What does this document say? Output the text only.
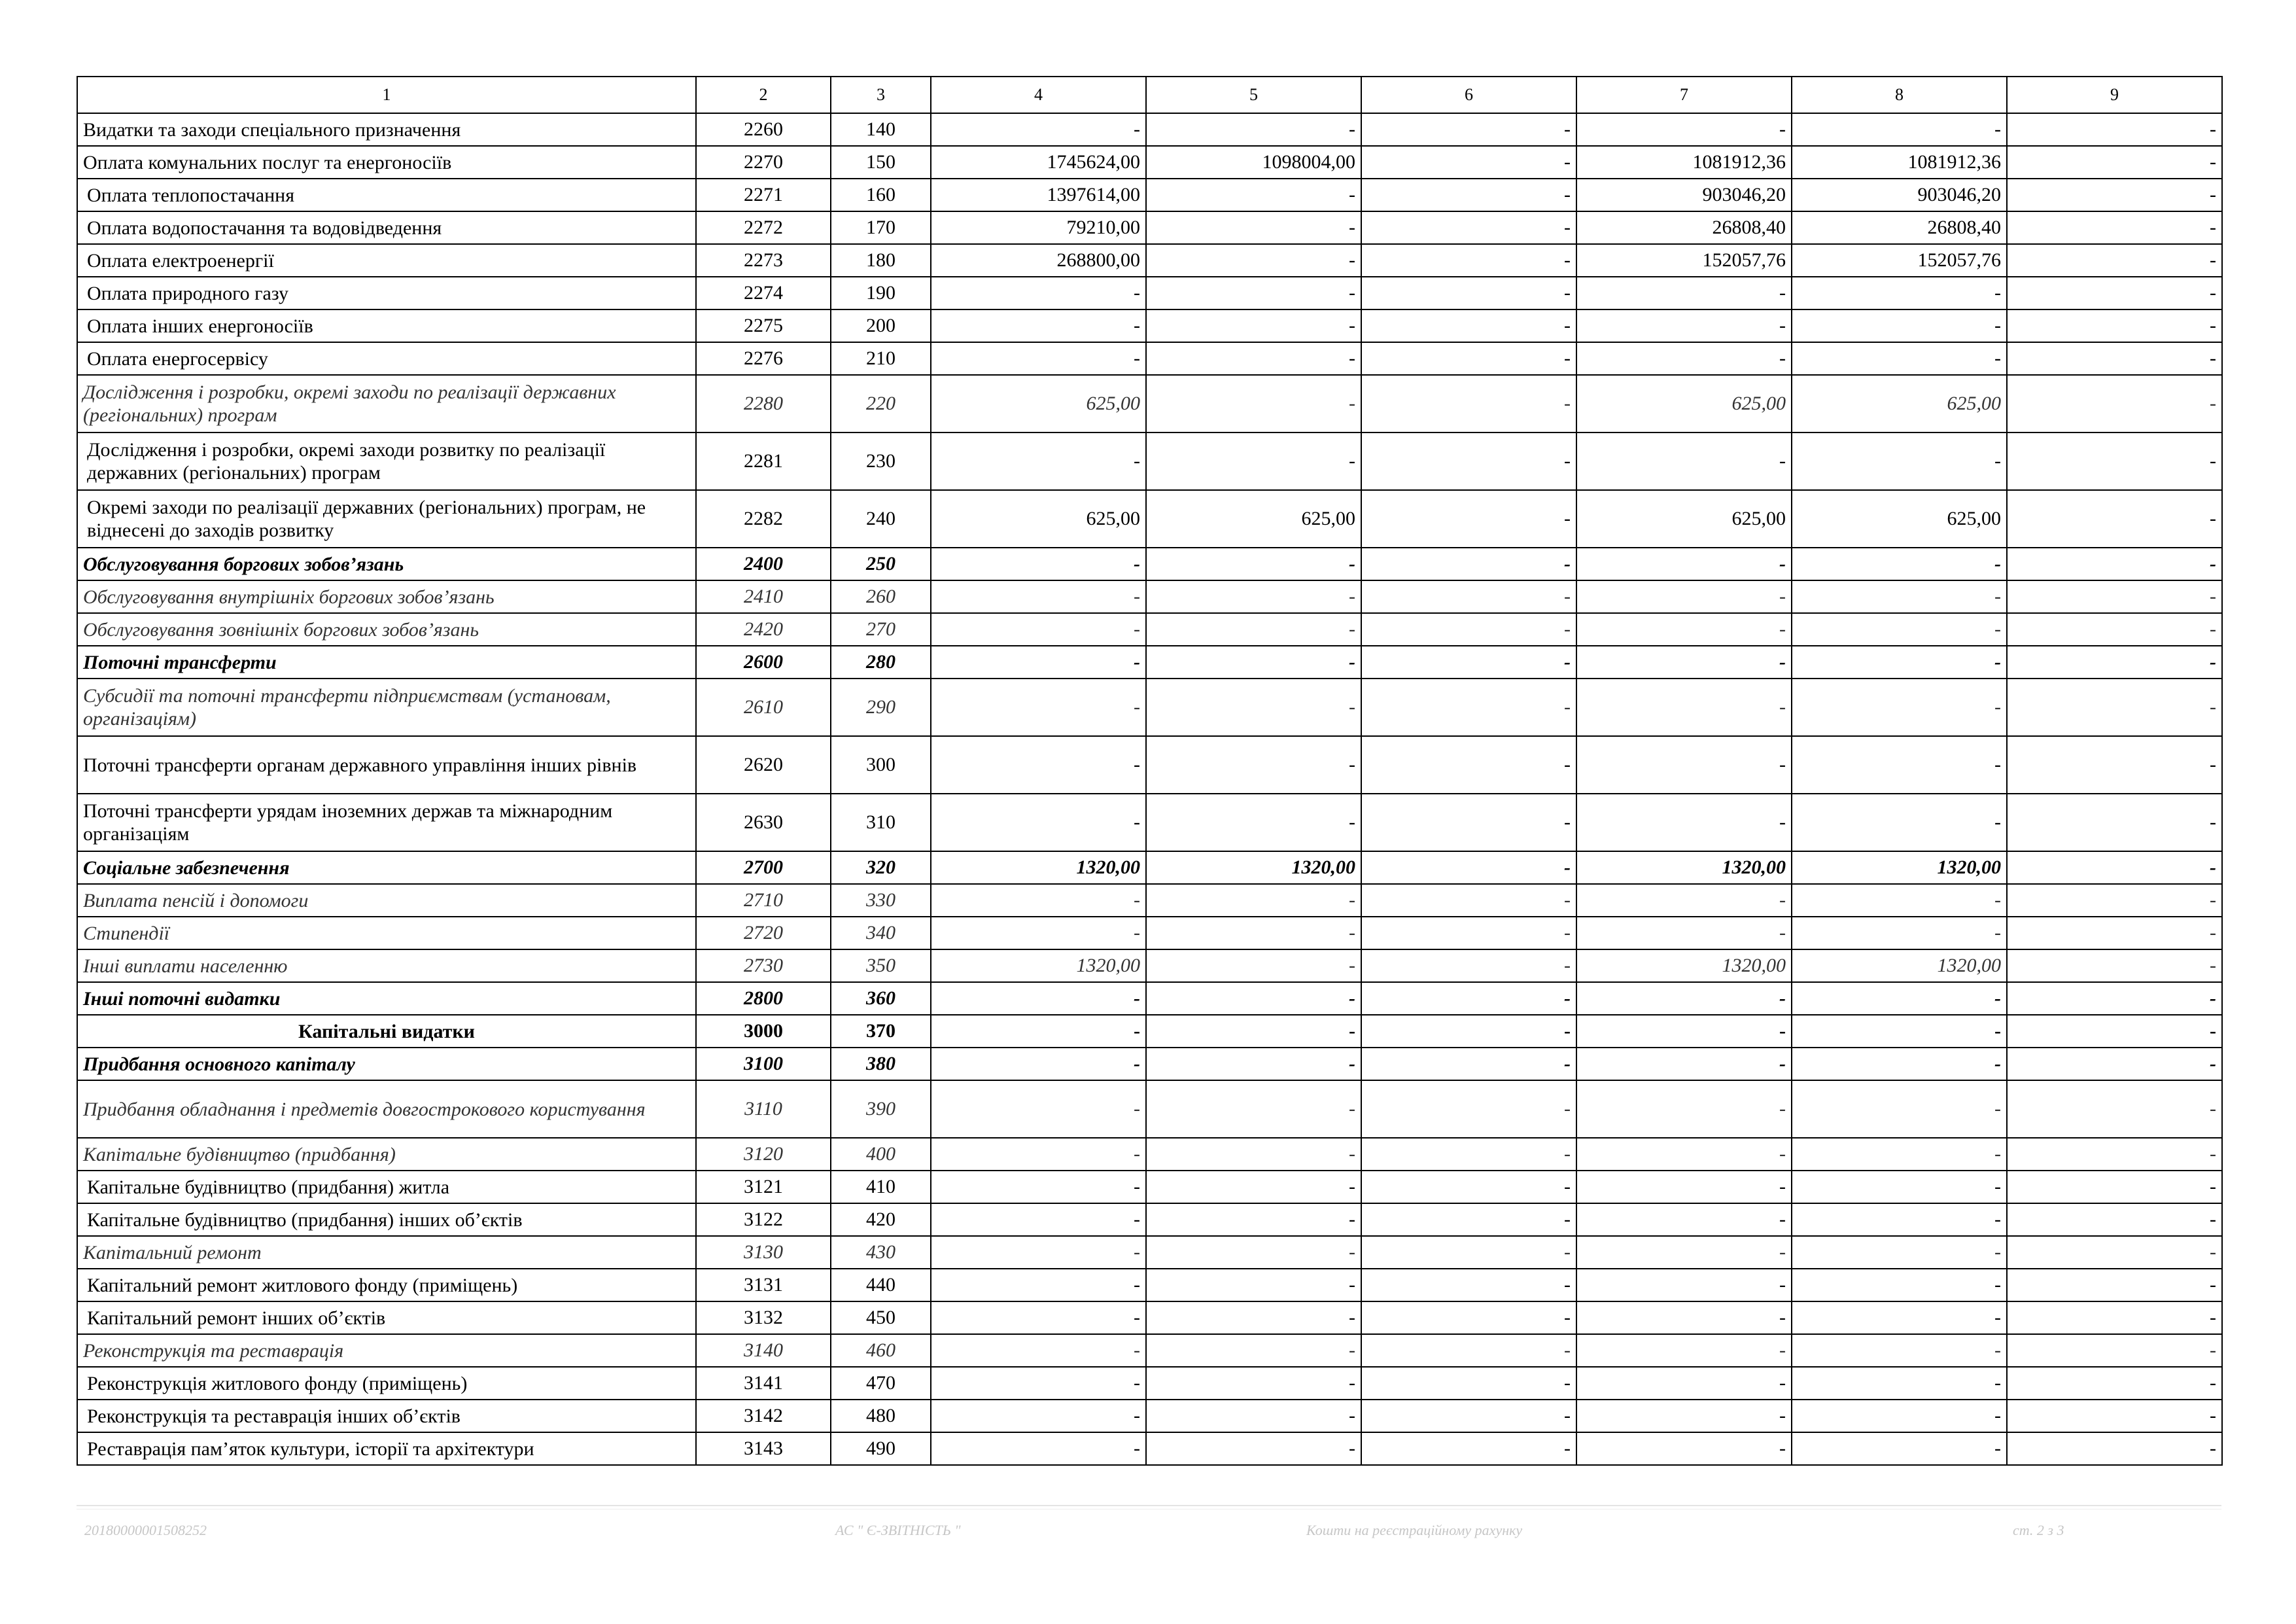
1	2	3	4	5	6	7	8	9
Видатки та заходи спеціального призначення	2260	140	-	-	-	-	-	-
Оплата комунальних послуг та енергоносіїв	2270	150	1745624,00	1098004,00	-	1081912,36	1081912,36	-
Оплата теплопостачання	2271	160	1397614,00	-	-	903046,20	903046,20	-
Оплата водопостачання та водовідведення	2272	170	79210,00	-	-	26808,40	26808,40	-
Оплата електроенергії	2273	180	268800,00	-	-	152057,76	152057,76	-
Оплата природного газу	2274	190	-	-	-	-	-	-
Оплата інших енергоносіїв	2275	200	-	-	-	-	-	-
Оплата енергосервісу	2276	210	-	-	-	-	-	-
Дослідження і розробки, окремі заходи по реалізації державних (регіональних) програм	2280	220	625,00	-	-	625,00	625,00	-
Дослідження і розробки, окремі заходи розвитку по реалізації державних (регіональних) програм	2281	230	-	-	-	-	-	-
Окремі заходи по реалізації державних (регіональних) програм, не віднесені до заходів розвитку	2282	240	625,00	625,00	-	625,00	625,00	-
Обслуговування боргових зобов’язань	2400	250	-	-	-	-	-	-
Обслуговування внутрішніх боргових зобов’язань	2410	260	-	-	-	-	-	-
Обслуговування зовнішніх боргових зобов’язань	2420	270	-	-	-	-	-	-
Поточні трансферти	2600	280	-	-	-	-	-	-
Субсидії та поточні трансферти підприємствам (установам, організаціям)	2610	290	-	-	-	-	-	-
Поточні трансферти органам державного управління інших рівнів	2620	300	-	-	-	-	-	-
Поточні трансферти урядам іноземних держав та міжнародним організаціям	2630	310	-	-	-	-	-	-
Соціальне забезпечення	2700	320	1320,00	1320,00	-	1320,00	1320,00	-
Виплата пенсій і допомоги	2710	330	-	-	-	-	-	-
Стипендії	2720	340	-	-	-	-	-	-
Інші виплати населенню	2730	350	1320,00	-	-	1320,00	1320,00	-
Інші поточні видатки	2800	360	-	-	-	-	-	-
Капітальні видатки	3000	370	-	-	-	-	-	-
Придбання основного капіталу	3100	380	-	-	-	-	-	-
Придбання обладнання і предметів довгострокового користування	3110	390	-	-	-	-	-	-
Капітальне будівництво (придбання)	3120	400	-	-	-	-	-	-
Капітальне будівництво (придбання) житла	3121	410	-	-	-	-	-	-
Капітальне будівництво (придбання) інших об’єктів	3122	420	-	-	-	-	-	-
Капітальний ремонт	3130	430	-	-	-	-	-	-
Капітальний ремонт житлового фонду (приміщень)	3131	440	-	-	-	-	-	-
Капітальний ремонт інших об’єктів	3132	450	-	-	-	-	-	-
Реконструкція та реставрація	3140	460	-	-	-	-	-	-
Реконструкція житлового фонду (приміщень)	3141	470	-	-	-	-	-	-
Реконструкція та реставрація інших об’єктів	3142	480	-	-	-	-	-	-
Реставрація пам’яток культури, історії та архітектури	3143	490	-	-	-	-	-	-
20180000001508252	АС " Є-ЗВІТНІСТЬ "	Кошти на реєстраційному рахунку	ст. 2 з 3
